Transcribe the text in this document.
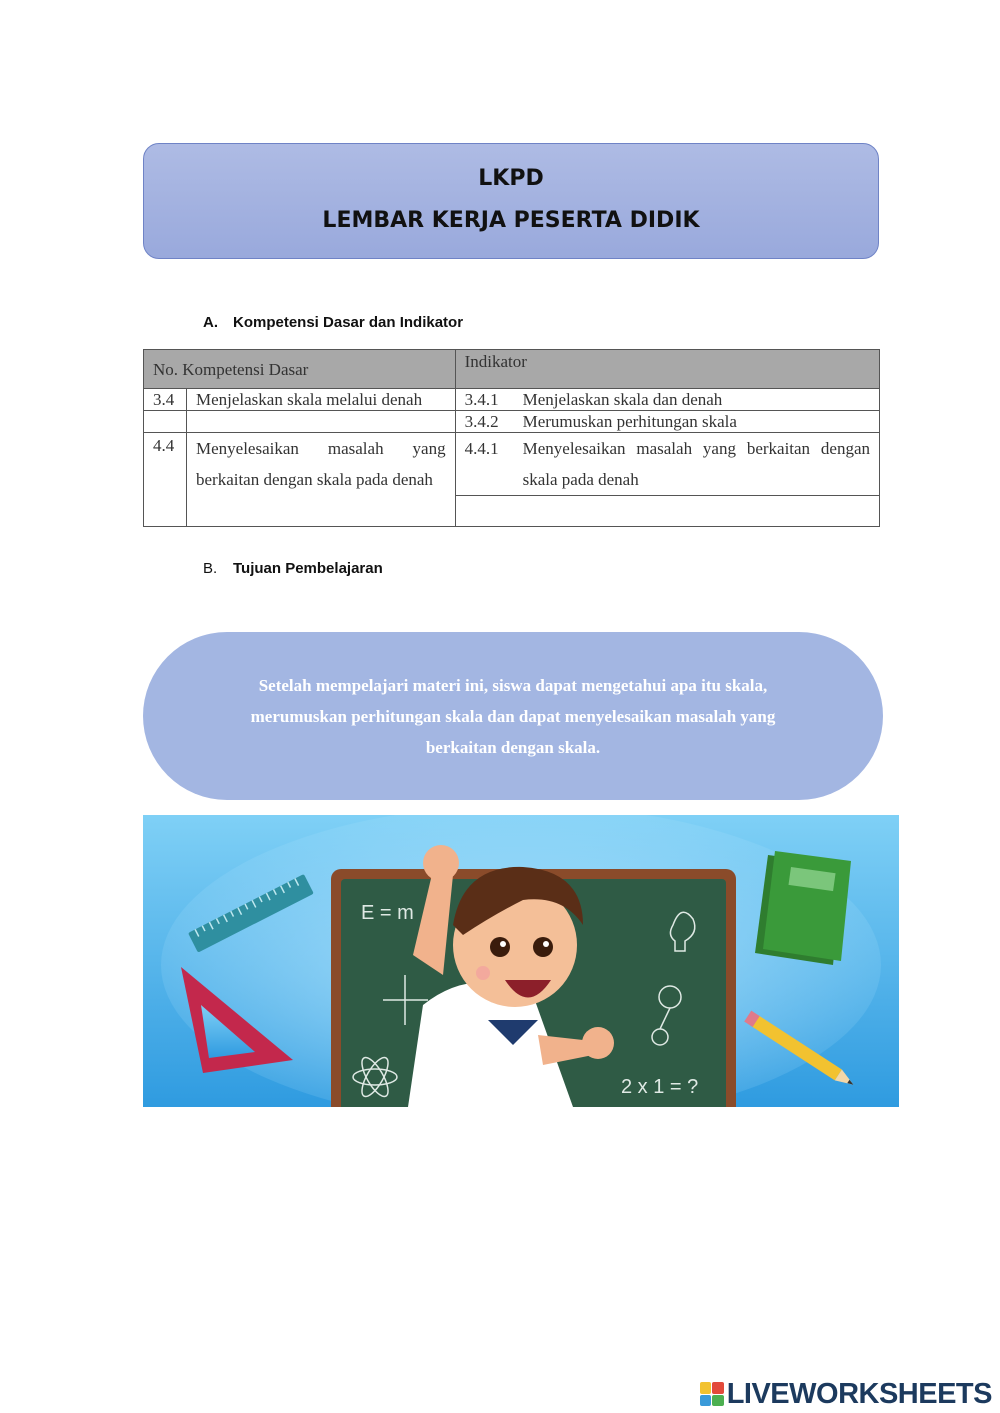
LKPD
LEMBAR KERJA PESERTA DIDIK
A. Kompetensi Dasar dan Indikator
No. Kompetensi Dasar		Indikator

3.4	Menjelaskan skala melalui denah	3.4.1 Menjelaskan skala dan denah

		3.4.2 Merumuskan perhitungan skala

4.4	Menyelesaikan masalah yang berkaitan dengan skala pada denah	4.4.1 Menyelesaikan masalah yang berkaitan dengan skala pada denah

B. Tujuan Pembelajaran

Setelah mempelajari materi ini, siswa dapat mengetahui apa itu skala, merumuskan perhitungan skala dan dapat menyelesaikan masalah yang berkaitan dengan skala.

E = m
2 x 1 = ?
LIVEWORKSHEETS
